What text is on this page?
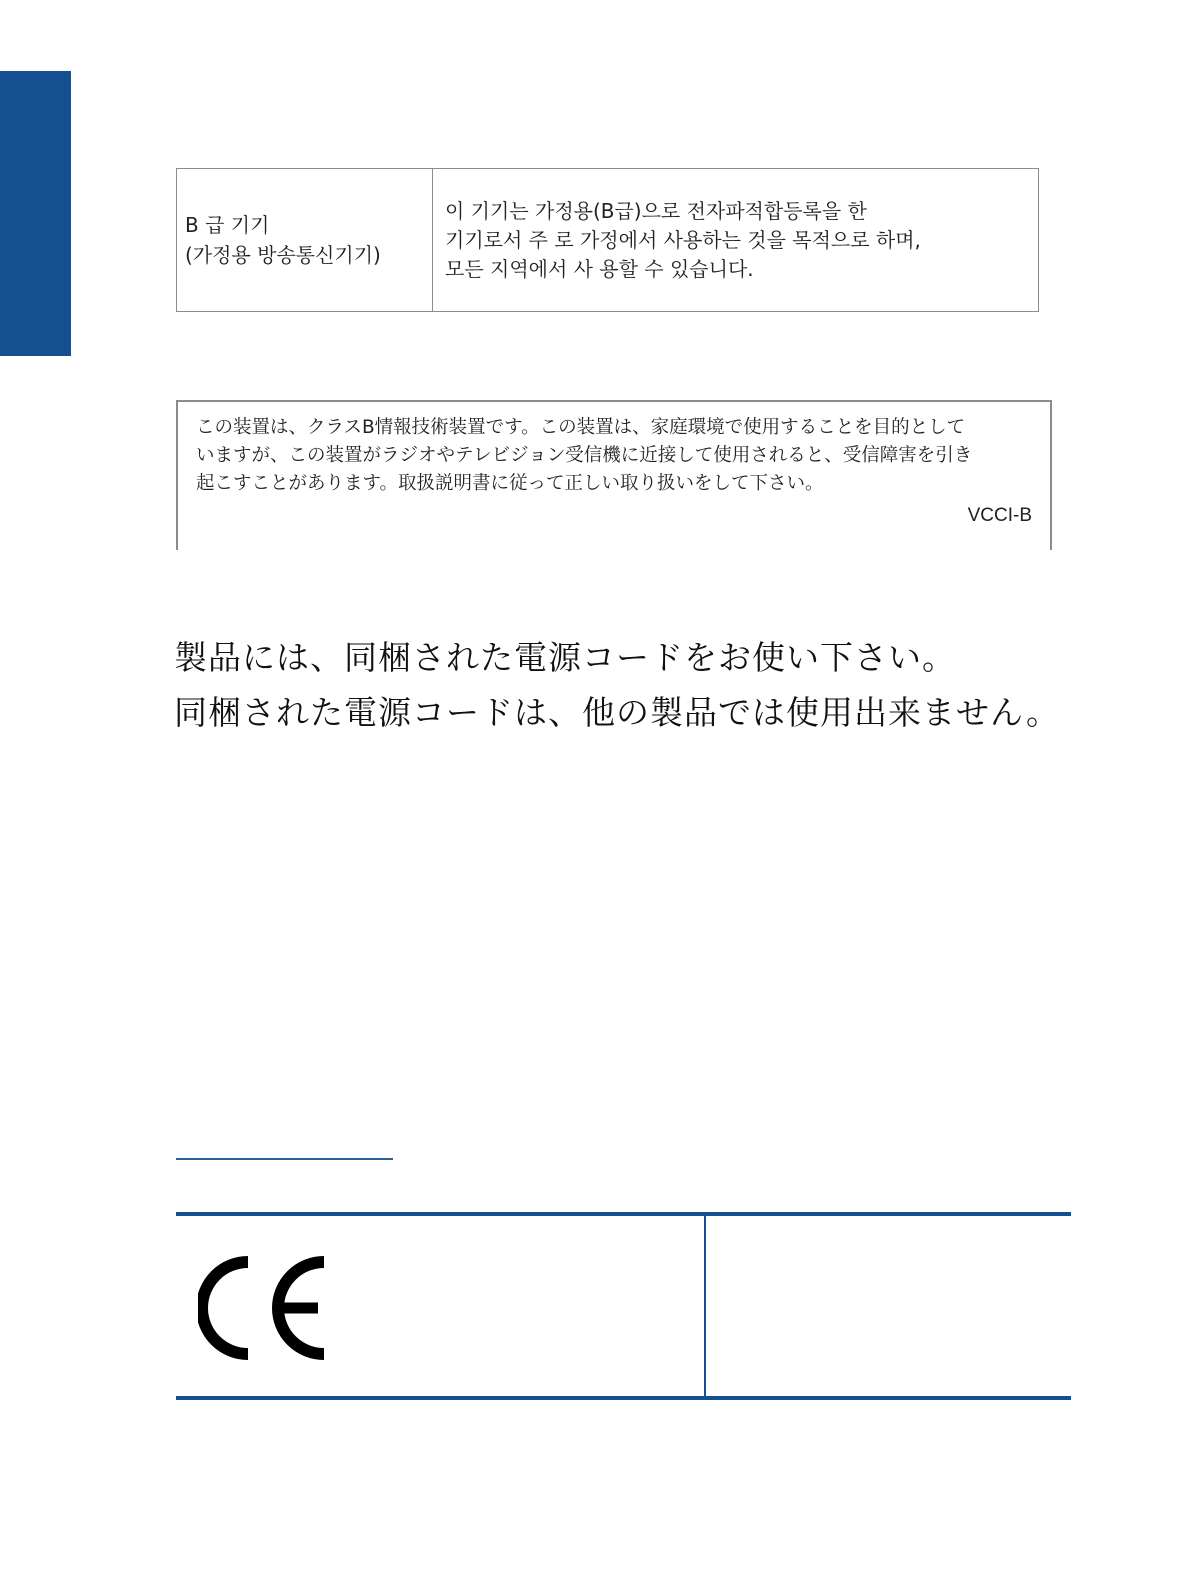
B 급 기기
(가정용 방송통신기기)
이 기기는 가정용(B급)으로 전자파적합등록을 한
기기로서 주 로 가정에서 사용하는 것을 목적으로 하며,
모든 지역에서 사 용할 수 있습니다.
この装置は、クラスB情報技術装置です。この装置は、家庭環境で使用することを目的として
いますが、この装置がラジオやテレビジョン受信機に近接して使用されると、受信障害を引き
起こすことがあります。取扱説明書に従って正しい取り扱いをして下さい。
VCCI-B
製品には、同梱された電源コードをお使い下さい。
同梱された電源コードは、他の製品では使用出来ません。
